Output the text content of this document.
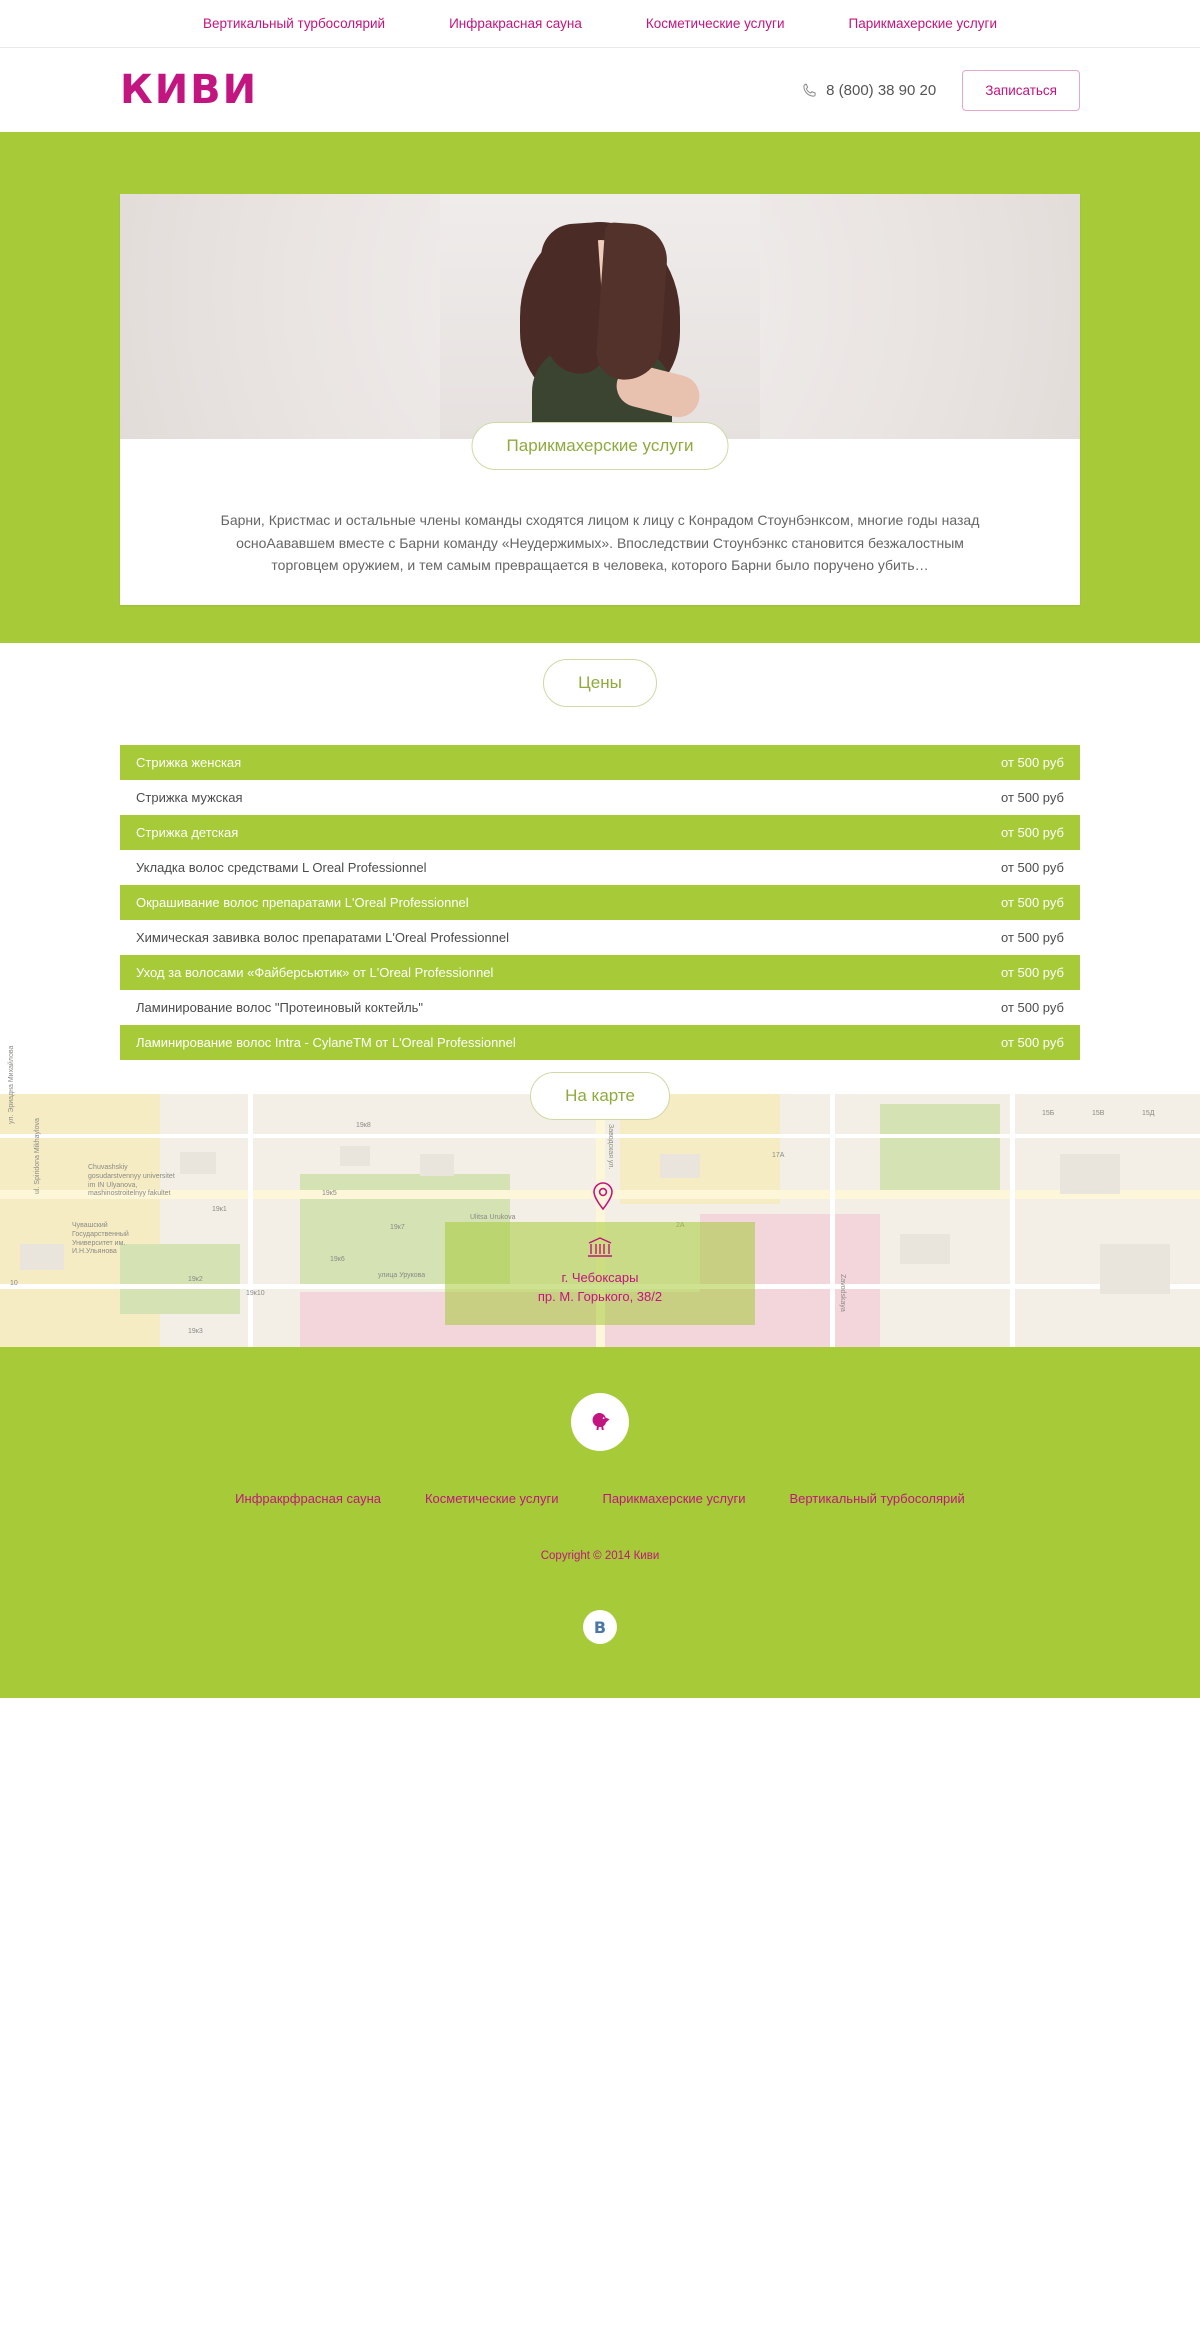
Вертикальный турбосолярий	Инфракрасная сауна	Косметические услуги	Парикмахерские услуги
КИВИ	8 (800) 38 90 20	Записаться
Парикмахерские услуги
Барни, Кристмас и остальные члены команды сходятся лицом к лицу с Конрадом Стоунбэнксом, многие годы назад осноАававшем вместе с Барни команду «Неудержимых». Впоследствии Стоунбэнкс становится безжалостным торговцем оружием, и тем самым превращается в человека, которого Барни было поручено убить…
Цены
Стрижка женская	от 500 руб
Стрижка мужская	от 500 руб
Стрижка детская	от 500 руб
Укладка волос средствами L Oreal Professionnel	от 500 руб
Окрашивание волос препаратами L'Oreal Professionnel	от 500 руб
Химическая завивка волос препаратами L'Oreal Professionnel	от 500 руб
Уход за волосами «Файберсьютик» от L'Oreal Professionnel	от 500 руб
Ламинирование волос "Протеиновый коктейль"	от 500 руб
Ламинирование волос Intra - CylaneTM от L'Oreal Professionnel	от 500 руб
На карте
Chuvashskiy gosudarstvennyy universitet im IN Ulyanova, mashinostroitelnyy fakultet
Чувашский Государственный Университет им. И.Н.Ульянова
Ulitsa Urukova
улица Урукова
Заводская ул.
Zavodskaya
ул. Эриадна Михайлова
ul. Spiridona Mikhaylova	19к8
19к5
19к7
19к1
19к2
19к10
19к3
19к6
17А
15Б	15В	15Д
10	г. Чебоксары
пр. М. Горького, 38/2
Инфракрфраcная сауна	Косметические услуги	Парикмахерские услуги	Вертикальный турбосолярий
Copyright © 2014 Киви
B
